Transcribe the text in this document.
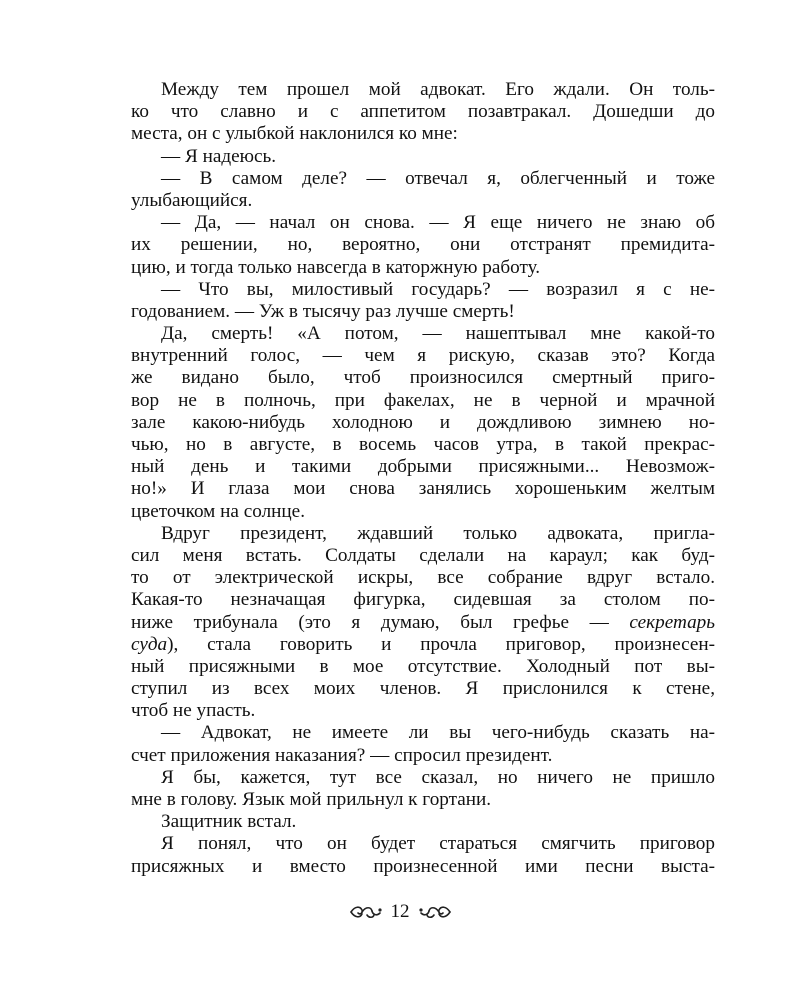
Между тем прошел мой адвокат. Его ждали. Он толь-
ко что славно и с аппетитом позавтракал. Дошедши до
места, он с улыбкой наклонился ко мне:
— Я надеюсь.
— В самом деле? — отвечал я, облегченный и тоже
улыбающийся.
— Да, — начал он снова. — Я еще ничего не знаю об
их решении, но, вероятно, они отстранят премидита-
цию, и тогда только навсегда в каторжную работу.
— Что вы, милостивый государь? — возразил я с не-
годованием. — Уж в тысячу раз лучше смерть!
Да, смерть! «А потом, — нашептывал мне какой-то
внутренний голос, — чем я рискую, сказав это? Когда
же видано было, чтоб произносился смертный приго-
вор не в полночь, при факелах, не в черной и мрачной
зале какою-нибудь холодною и дождливою зимнею но-
чью, но в августе, в восемь часов утра, в такой прекрас-
ный день и такими добрыми присяжными... Невозмож-
но!» И глаза мои снова занялись хорошеньким желтым
цветочком на солнце.
Вдруг президент, ждавший только адвоката, пригла-
сил меня встать. Солдаты сделали на караул; как буд-
то от электрической искры, все собрание вдруг встало.
Какая-то незначащая фигурка, сидевшая за столом по-
ниже трибунала (это я думаю, был грефье — секретарь
суда), стала говорить и прочла приговор, произнесен-
ный присяжными в мое отсутствие. Холодный пот вы-
ступил из всех моих членов. Я прислонился к стене,
чтоб не упасть.
— Адвокат, не имеете ли вы чего-нибудь сказать на-
счет приложения наказания? — спросил президент.
Я бы, кажется, тут все сказал, но ничего не пришло
мне в голову. Язык мой прильнул к гортани.
Защитник встал.
Я понял, что он будет стараться смягчить приговор
присяжных и вместо произнесенной ими песни выста-
12
